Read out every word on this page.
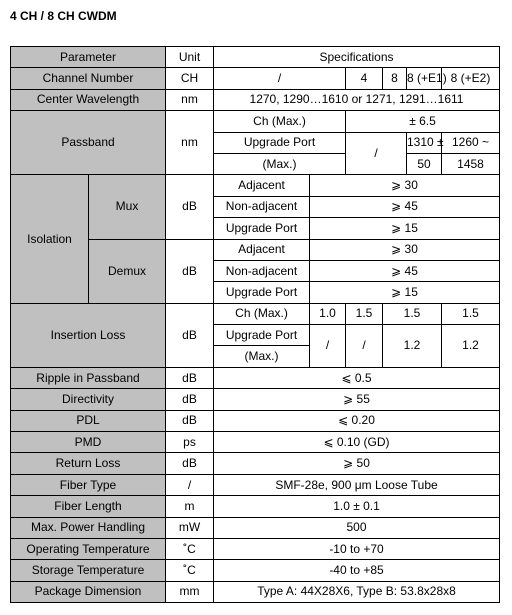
4 CH / 8 CH CWDM
Parameter		Unit	Specifications					
Channel Number		CH	/		4	8	8 (+E1)	8 (+E2)
Center Wavelength		nm	1270, 1290…1610 or 1271, 1291…1611					
Passband		nm	Ch (Max.)		± 6.5			
			Upgrade Port		/		1310 ±	1260 ~
			(Max.)				50	1458
Isolation	Mux	dB	Adjacent	⩾ 30				
			Non-adjacent	⩾ 45				
			Upgrade Port	⩾ 15				
	Demux	dB	Adjacent	⩾ 30				
			Non-adjacent	⩾ 45				
			Upgrade Port	⩾ 15				
Insertion Loss		dB	Ch (Max.)	1.0	1.5	1.5		1.5
			Upgrade Port	/	/	1.2		1.2
			(Max.)					
Ripple in Passband		dB	⩽ 0.5					
Directivity		dB	⩾ 55					
PDL		dB	⩽ 0.20					
PMD		ps	⩽ 0.10 (GD)					
Return Loss		dB	⩾ 50					
Fiber Type		/	SMF-28e, 900 μm Loose Tube					
Fiber Length		m	1.0 ± 0.1					
Max. Power Handling		mW	500					
Operating Temperature		˚C	-10 to +70					
Storage Temperature		˚C	-40 to +85					
Package Dimension		mm	Type A: 44X28X6, Type B: 53.8x28x8					
